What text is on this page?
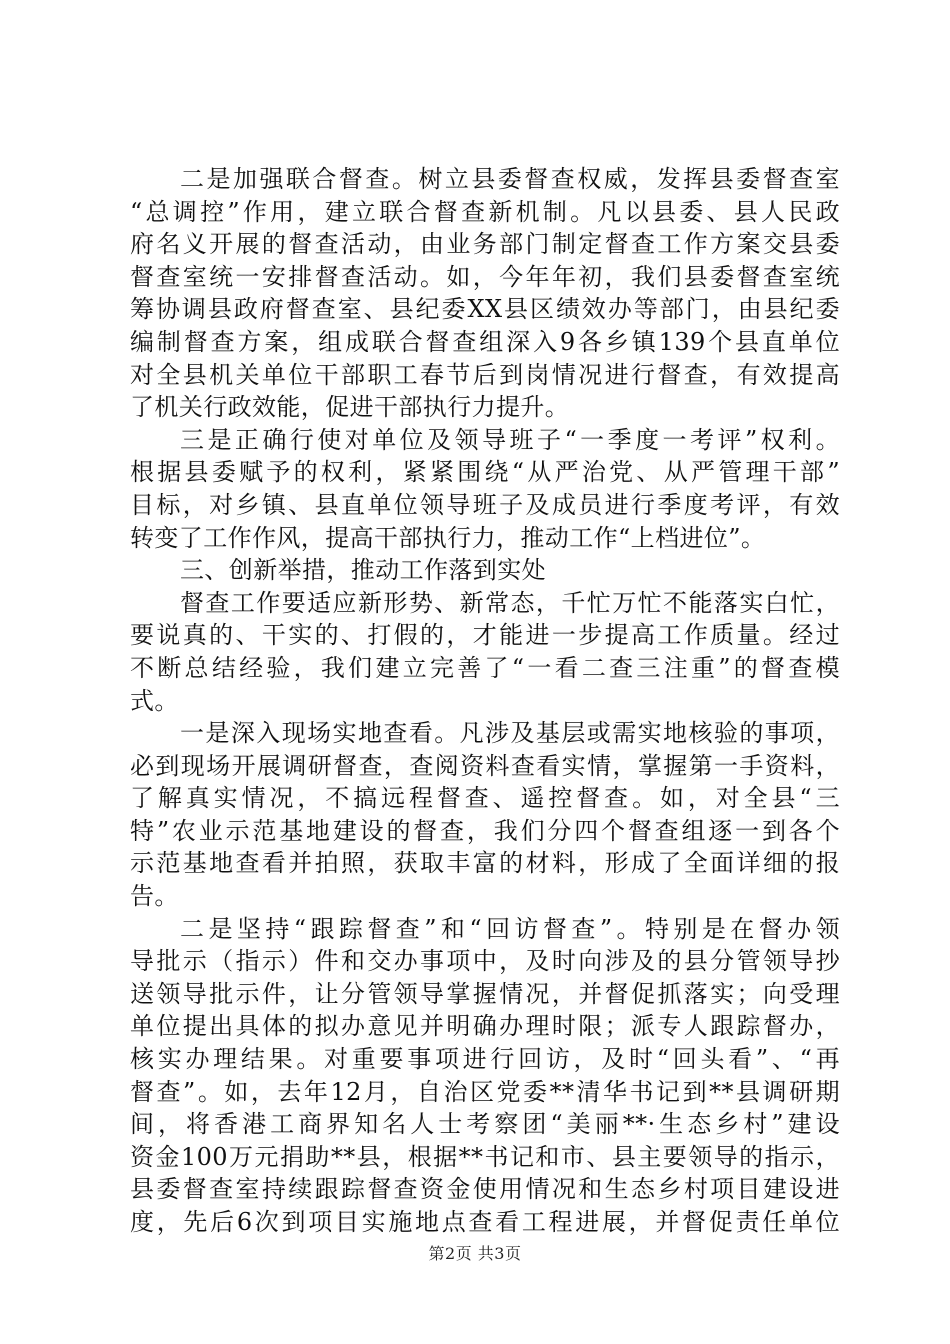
二是加强联合督查。树立县委督查权威，发挥县委督查室
“总调控”作用，建立联合督查新机制。凡以县委、县人民政
府名义开展的督查活动，由业务部门制定督查工作方案交县委
督查室统一安排督查活动。如，今年年初，我们县委督查室统
筹协调县政府督查室、县纪委XX县区绩效办等部门，由县纪委
编制督查方案，组成联合督查组深入9各乡镇139个县直单位
对全县机关单位干部职工春节后到岗情况进行督查，有效提高
了机关行政效能，促进干部执行力提升。
三是正确行使对单位及领导班子“一季度一考评”权利。
根据县委赋予的权利，紧紧围绕“从严治党、从严管理干部”
目标，对乡镇、县直单位领导班子及成员进行季度考评，有效
转变了工作作风，提高干部执行力，推动工作“上档进位”。
三、创新举措，推动工作落到实处
督查工作要适应新形势、新常态，千忙万忙不能落实白忙，
要说真的、干实的、打假的，才能进一步提高工作质量。经过
不断总结经验，我们建立完善了“一看二查三注重”的督查模
式。
一是深入现场实地查看。凡涉及基层或需实地核验的事项，
必到现场开展调研督查，查阅资料查看实情，掌握第一手资料，
了解真实情况，不搞远程督查、遥控督查。如，对全县“三
特”农业示范基地建设的督查，我们分四个督查组逐一到各个
示范基地查看并拍照，获取丰富的材料，形成了全面详细的报
告。
二是坚持“跟踪督查”和“回访督查”。特别是在督办领
导批示（指示）件和交办事项中，及时向涉及的县分管领导抄
送领导批示件，让分管领导掌握情况，并督促抓落实；向受理
单位提出具体的拟办意见并明确办理时限；派专人跟踪督办，
核实办理结果。对重要事项进行回访，及时“回头看”、“再
督查”。如，去年12月，自治区党委**清华书记到**县调研期
间，将香港工商界知名人士考察团“美丽**·生态乡村”建设
资金100万元捐助**县，根据**书记和市、县主要领导的指示，
县委督查室持续跟踪督查资金使用情况和生态乡村项目建设进
度，先后6次到项目实施地点查看工程进展，并督促责任单位
第2页 共3页
